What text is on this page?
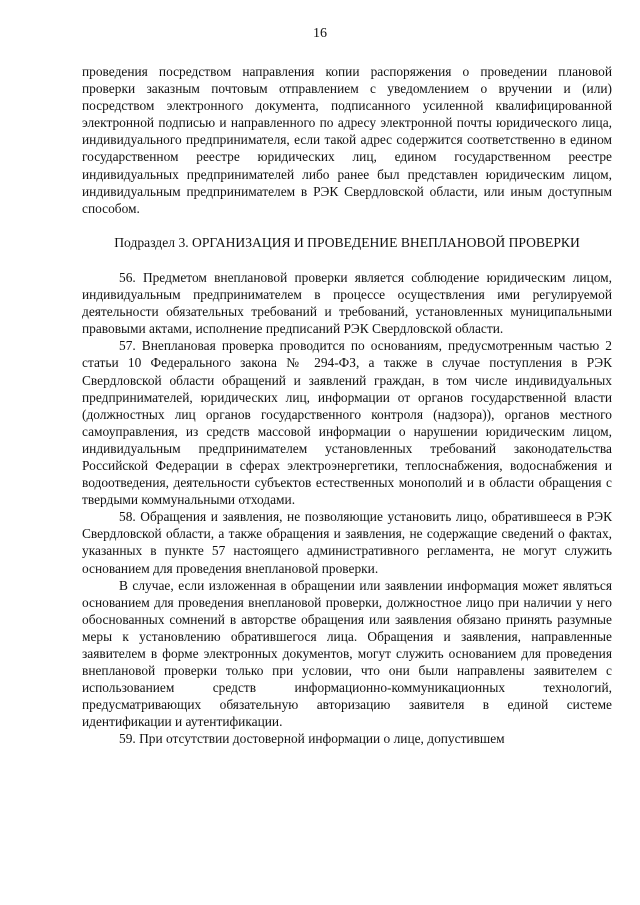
16

проведения посредством направления копии распоряжения о проведении плановой проверки заказным почтовым отправлением с уведомлением о вручении и (или) посредством электронного документа, подписанного усиленной квалифицированной электронной подписью и направленного по адресу электронной почты юридического лица, индивидуального предпринимателя, если такой адрес содержится соответственно в едином государственном реестре юридических лиц, едином государственном реестре индивидуальных предпринимателей либо ранее был представлен юридическим лицом, индивидуальным предпринимателем в РЭК Свердловской области, или иным доступным способом.

Подраздел 3. ОРГАНИЗАЦИЯ И ПРОВЕДЕНИЕ ВНЕПЛАНОВОЙ ПРОВЕРКИ

56. Предметом внеплановой проверки является соблюдение юридическим лицом, индивидуальным предпринимателем в процессе осуществления ими регулируемой деятельности обязательных требований и требований, установленных муниципальными правовыми актами, исполнение предписаний РЭК Свердловской области.

57. Внеплановая проверка проводится по основаниям, предусмотренным частью 2 статьи 10 Федерального закона № 294-ФЗ, а также в случае поступления в РЭК Свердловской области обращений и заявлений граждан, в том числе индивидуальных предпринимателей, юридических лиц, информации от органов государственной власти (должностных лиц органов государственного контроля (надзора)), органов местного самоуправления, из средств массовой информации о нарушении юридическим лицом, индивидуальным предпринимателем установленных требований законодательства Российской Федерации в сферах электроэнергетики, теплоснабжения, водоснабжения и водоотведения, деятельности субъектов естественных монополий и в области обращения с твердыми коммунальными отходами.

58. Обращения и заявления, не позволяющие установить лицо, обратившееся в РЭК Свердловской области, а также обращения и заявления, не содержащие сведений о фактах, указанных в пункте 57 настоящего административного регламента, не могут служить основанием для проведения внеплановой проверки.

В случае, если изложенная в обращении или заявлении информация может являться основанием для проведения внеплановой проверки, должностное лицо при наличии у него обоснованных сомнений в авторстве обращения или заявления обязано принять разумные меры к установлению обратившегося лица. Обращения и заявления, направленные заявителем в форме электронных документов, могут служить основанием для проведения внеплановой проверки только при условии, что они были направлены заявителем с использованием средств информационно-коммуникационных технологий, предусматривающих обязательную авторизацию заявителя в единой системе идентификации и аутентификации.

59. При отсутствии достоверной информации о лице, допустившем
